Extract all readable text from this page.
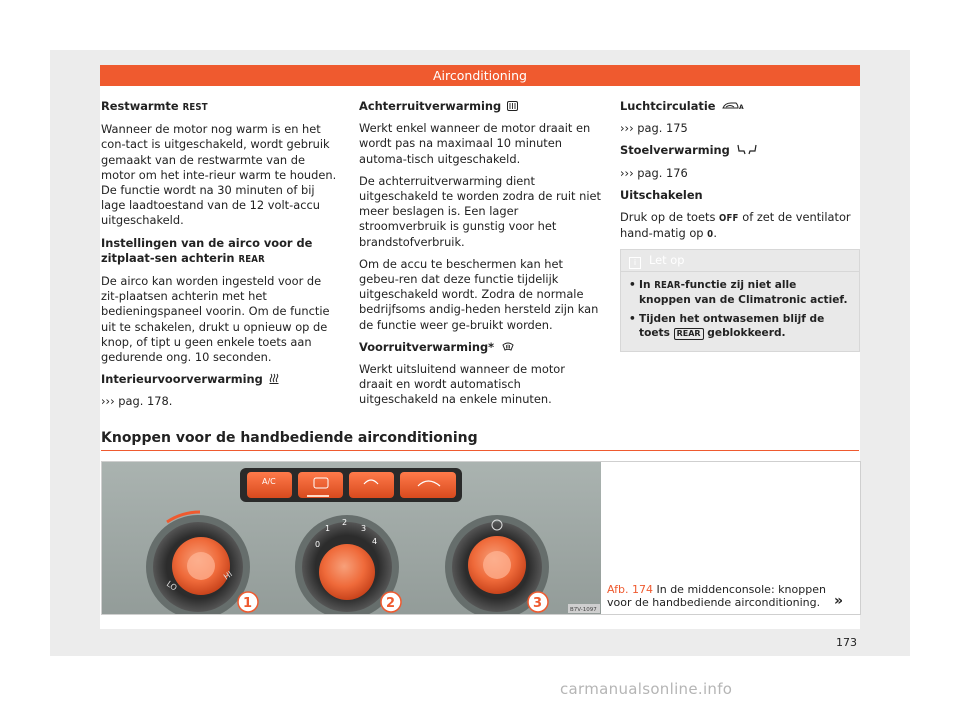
Airconditioning
Restwarmte REST

Wanneer de motor nog warm is en het con-tact is uitgeschakeld, wordt gebruik gemaakt van de restwarmte van de motor om het inte-rieur warm te houden. De functie wordt na 30 minuten of bij lage laadtoestand van de 12 volt-accu uitgeschakeld.

Instellingen van de airco voor de zitplaat-sen achterin REAR

De airco kan worden ingesteld voor de zit-plaatsen achterin met het bedieningspaneel voorin. Om de functie uit te schakelen, drukt u opnieuw op de knop, of tipt u geen enkele toets aan gedurende ong. 10 seconden.

Interieurvoorverwarming

››› pag. 178.

Achterruitverwarming

Werkt enkel wanneer de motor draait en wordt pas na maximaal 10 minuten automa-tisch uitgeschakeld.

De achterruitverwarming dient uitgeschakeld te worden zodra de ruit niet meer beslagen is. Een lager stroomverbruik is gunstig voor het brandstofverbruik.

Om de accu te beschermen kan het gebeu-ren dat deze functie tijdelijk uitgeschakeld wordt. Zodra de normale bedrijfsoms andig-heden hersteld zijn kan de functie weer ge-bruikt worden.

Voorruitverwarming*

Werkt uitsluitend wanneer de motor draait en wordt automatisch uitgeschakeld na enkele minuten.

Luchtcirculatie	A

››› pag. 175

Stoelverwarming

››› pag. 176

Uitschakelen

Druk op de toets OFF of zet de ventilator hand-matig op 0.

i Let op
• In REAR-functie zij niet alle knoppen van de Climatronic actief.
• Tijden het ontwasemen blijf de toets REAR geblokkeerd.
Knoppen voor de handbediende airconditioning
A/C
LO
HI
0
1
2
3
4
1	2	3	B7V-1097
Afb. 174 In de middenconsole: knoppen voor de handbediende airconditioning. »
173
carmanualsonline.info
